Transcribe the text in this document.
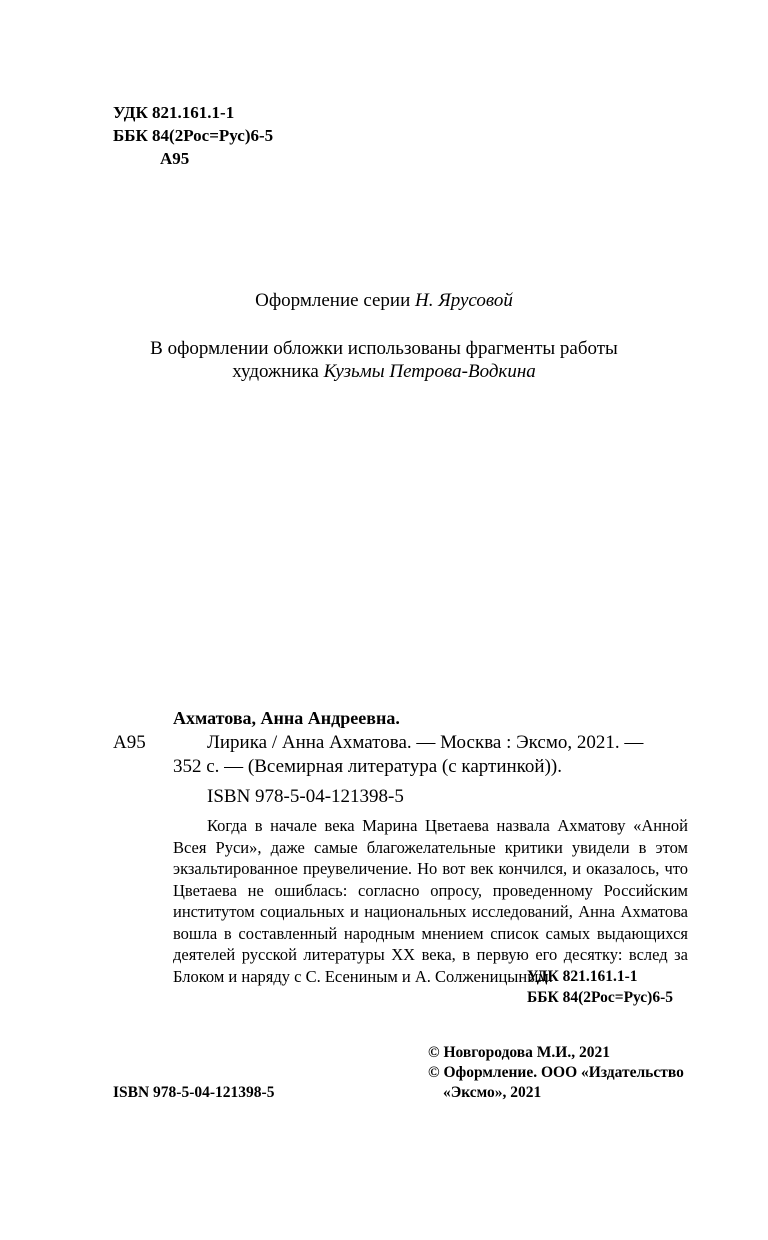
УДК 821.161.1-1
ББК 84(2Рос=Рус)6-5
А95
Оформление серии Н. Ярусовой
В оформлении обложки использованы фрагменты работы
художника Кузьмы Петрова-Водкина
Ахматова, Анна Андреевна.
А95	Лирика / Анна Ахматова. — Москва : Эксмо, 2021. —
352 с. — (Всемирная литература (с картинкой)).
ISBN 978-5-04-121398-5

Когда в начале века Марина Цветаева назвала Ахматову «Анной Всея Руси», даже самые благожелательные критики увидели в этом экзальтированное преувеличение. Но вот век кончился, и оказалось, что Цветаева не ошиблась: согласно опросу, проведенному Российским институтом социальных и национальных исследований, Анна Ахматова вошла в составленный народным мнением список самых выдающихся деятелей русской литературы XX века, в первую его десятку: вслед за Блоком и наряду с С. Есениным и А. Солженицыным.

УДК 821.161.1-1
ББК 84(2Рос=Рус)6-5
© Новгородова М.И., 2021
© Оформление. ООО «Издательство
«Эксмо», 2021
ISBN 978-5-04-121398-5
